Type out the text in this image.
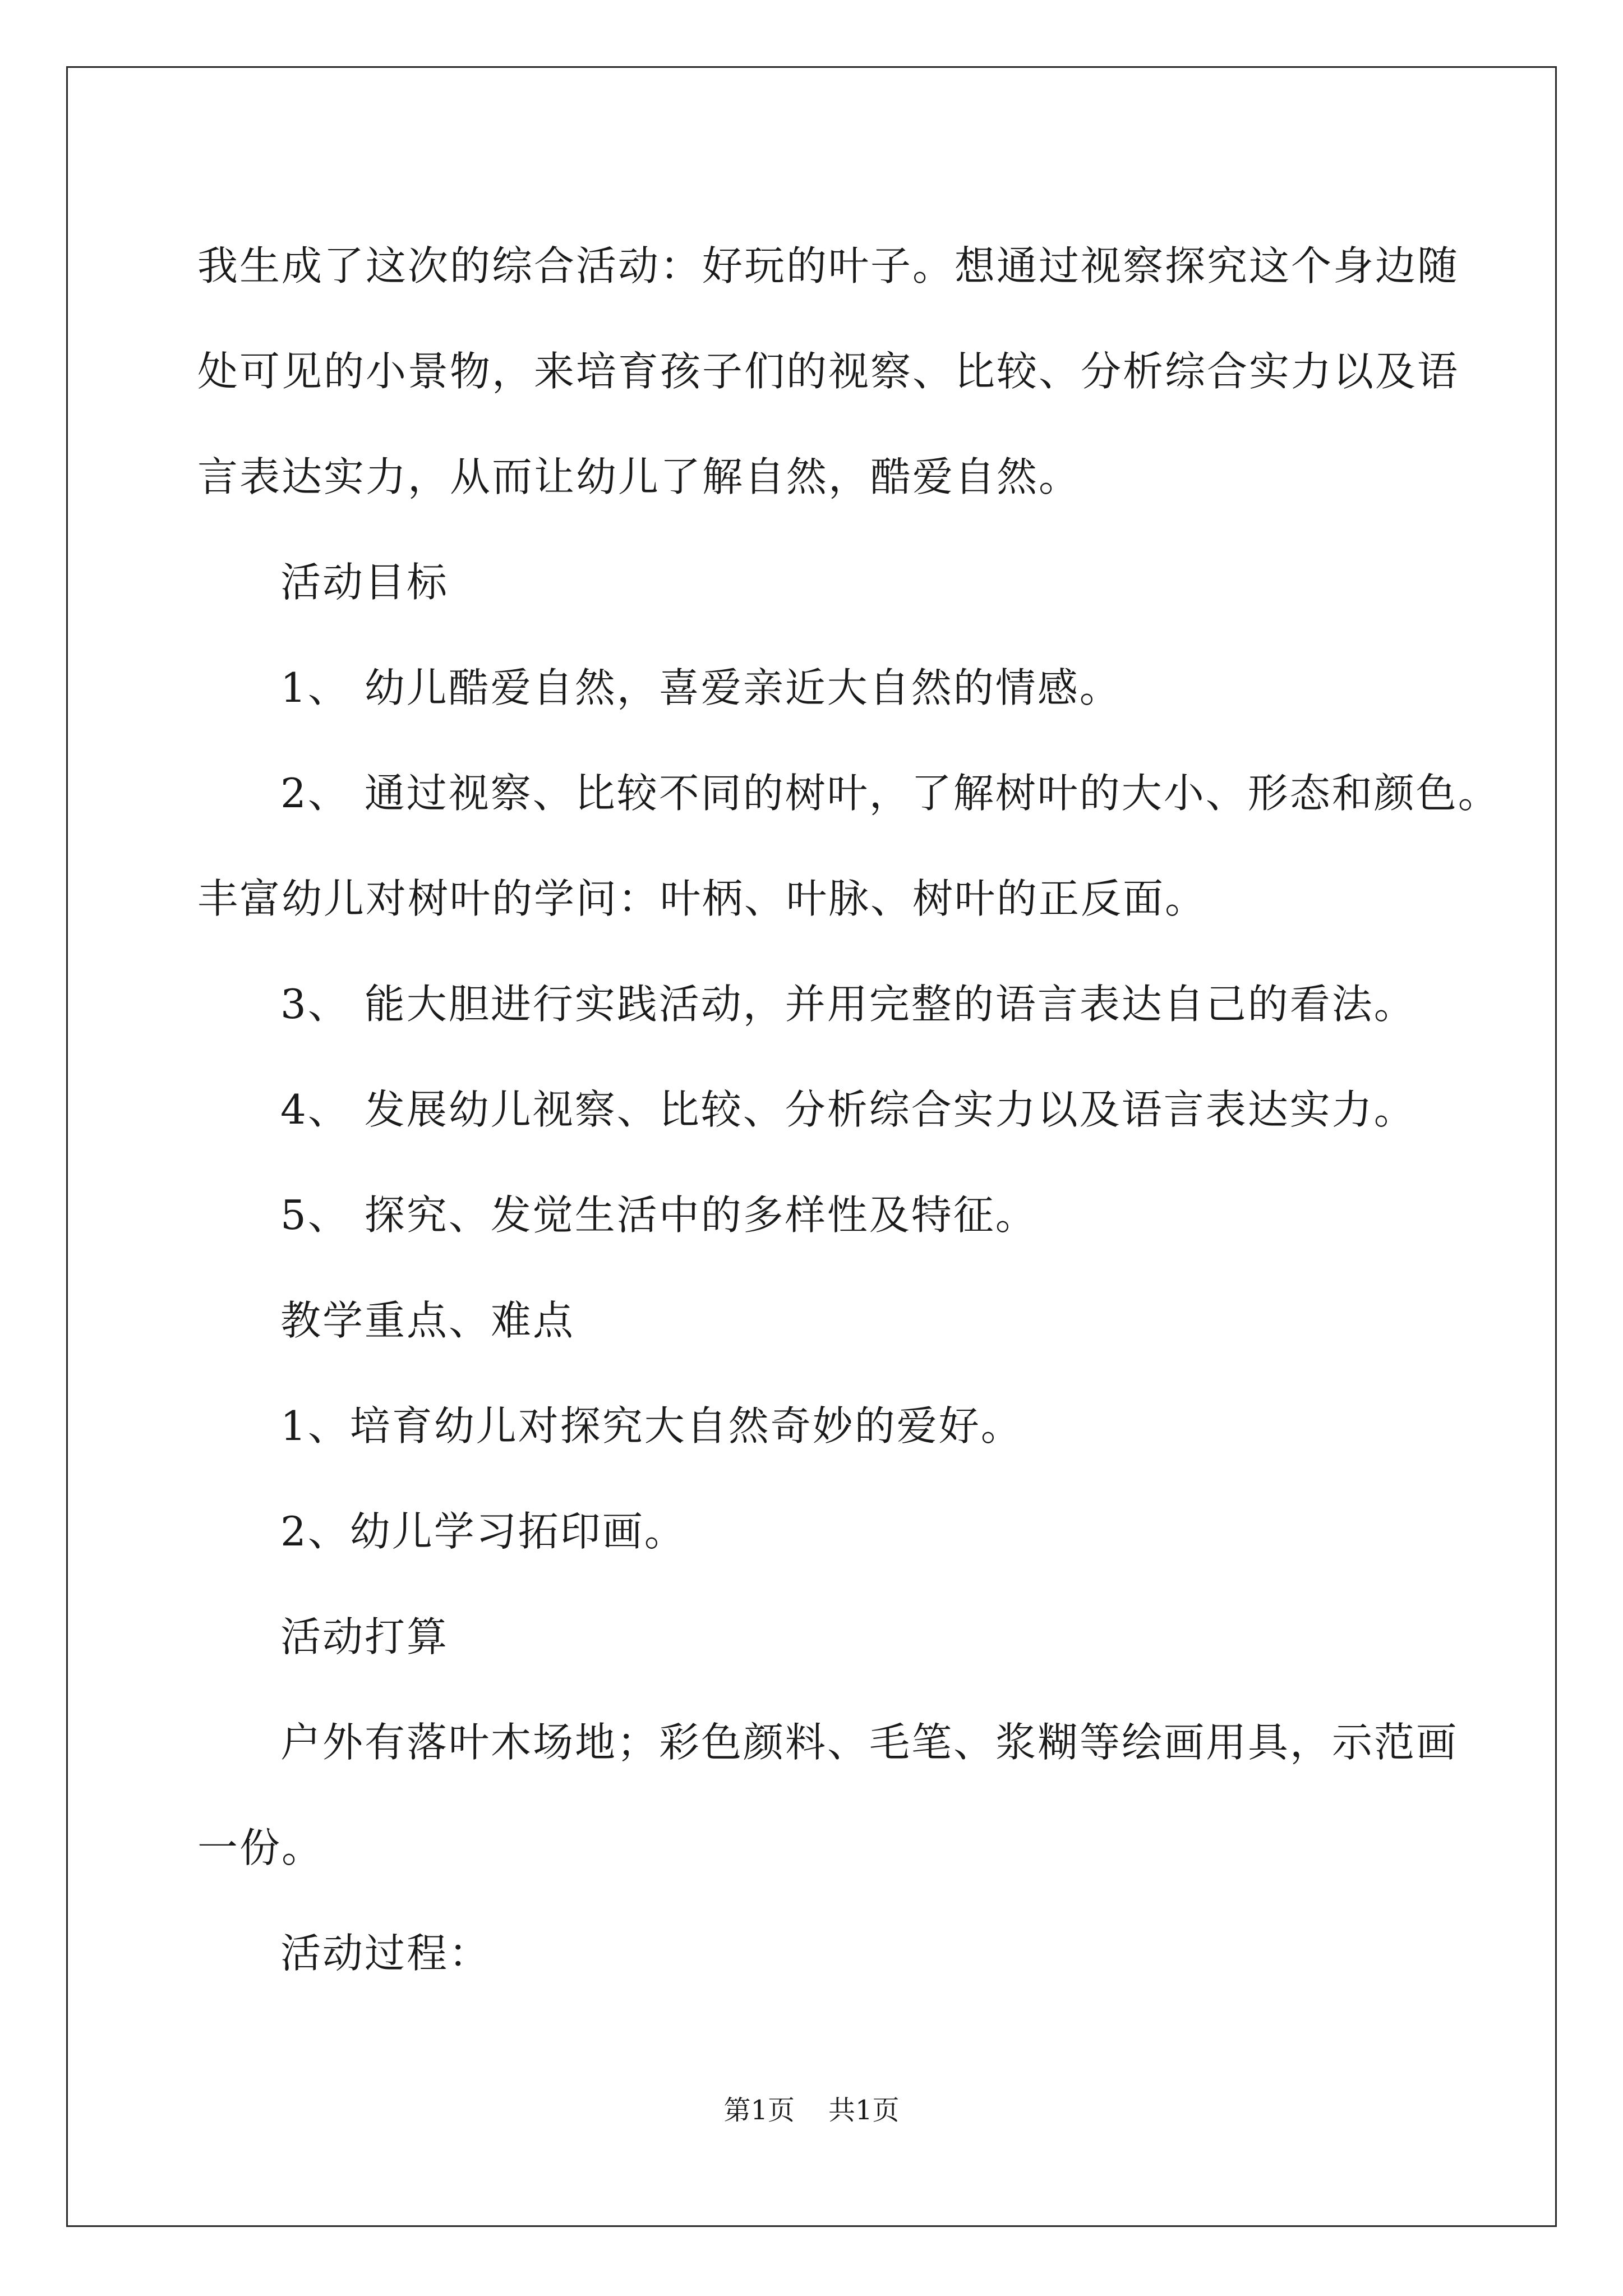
我生成了这次的综合活动：好玩的叶子。想通过视察探究这个身边随

处可见的小景物，来培育孩子们的视察、比较、分析综合实力以及语

言表达实力，从而让幼儿了解自然，酷爱自然。

活动目标

1、 幼儿酷爱自然，喜爱亲近大自然的情感。

2、 通过视察、比较不同的树叶，了解树叶的大小、形态和颜色。

丰富幼儿对树叶的学问：叶柄、叶脉、树叶的正反面。

3、 能大胆进行实践活动，并用完整的语言表达自己的看法。

4、 发展幼儿视察、比较、分析综合实力以及语言表达实力。

5、 探究、发觉生活中的多样性及特征。

教学重点、难点

1、培育幼儿对探究大自然奇妙的爱好。

2、幼儿学习拓印画。

活动打算

户外有落叶木场地；彩色颜料、毛笔、浆糊等绘画用具，示范画

一份。

活动过程：

第1页 共1页
